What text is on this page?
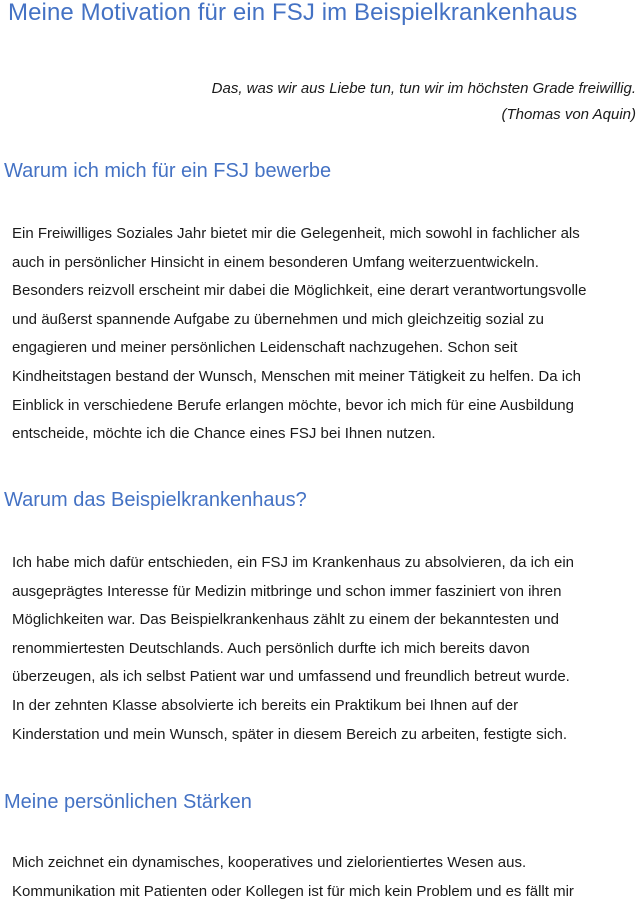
Meine Motivation für ein FSJ im Beispielkrankenhaus
Das, was wir aus Liebe tun, tun wir im höchsten Grade freiwillig.
(Thomas von Aquin)
Warum ich mich für ein FSJ bewerbe
Ein Freiwilliges Soziales Jahr bietet mir die Gelegenheit, mich sowohl in fachlicher als
auch in persönlicher Hinsicht in einem besonderen Umfang weiterzuentwickeln.
Besonders reizvoll erscheint mir dabei die Möglichkeit, eine derart verantwortungsvolle
und äußerst spannende Aufgabe zu übernehmen und mich gleichzeitig sozial zu
engagieren und meiner persönlichen Leidenschaft nachzugehen. Schon seit
Kindheitstagen bestand der Wunsch, Menschen mit meiner Tätigkeit zu helfen. Da ich
Einblick in verschiedene Berufe erlangen möchte, bevor ich mich für eine Ausbildung
entscheide, möchte ich die Chance eines FSJ bei Ihnen nutzen.
Warum das Beispielkrankenhaus?
Ich habe mich dafür entschieden, ein FSJ im Krankenhaus zu absolvieren, da ich ein
ausgeprägtes Interesse für Medizin mitbringe und schon immer fasziniert von ihren
Möglichkeiten war. Das Beispielkrankenhaus zählt zu einem der bekanntesten und
renommiertesten Deutschlands. Auch persönlich durfte ich mich bereits davon
überzeugen, als ich selbst Patient war und umfassend und freundlich betreut wurde.
In der zehnten Klasse absolvierte ich bereits ein Praktikum bei Ihnen auf der
Kinderstation und mein Wunsch, später in diesem Bereich zu arbeiten, festigte sich.
Meine persönlichen Stärken
Mich zeichnet ein dynamisches, kooperatives und zielorientiertes Wesen aus.
Kommunikation mit Patienten oder Kollegen ist für mich kein Problem und es fällt mir
